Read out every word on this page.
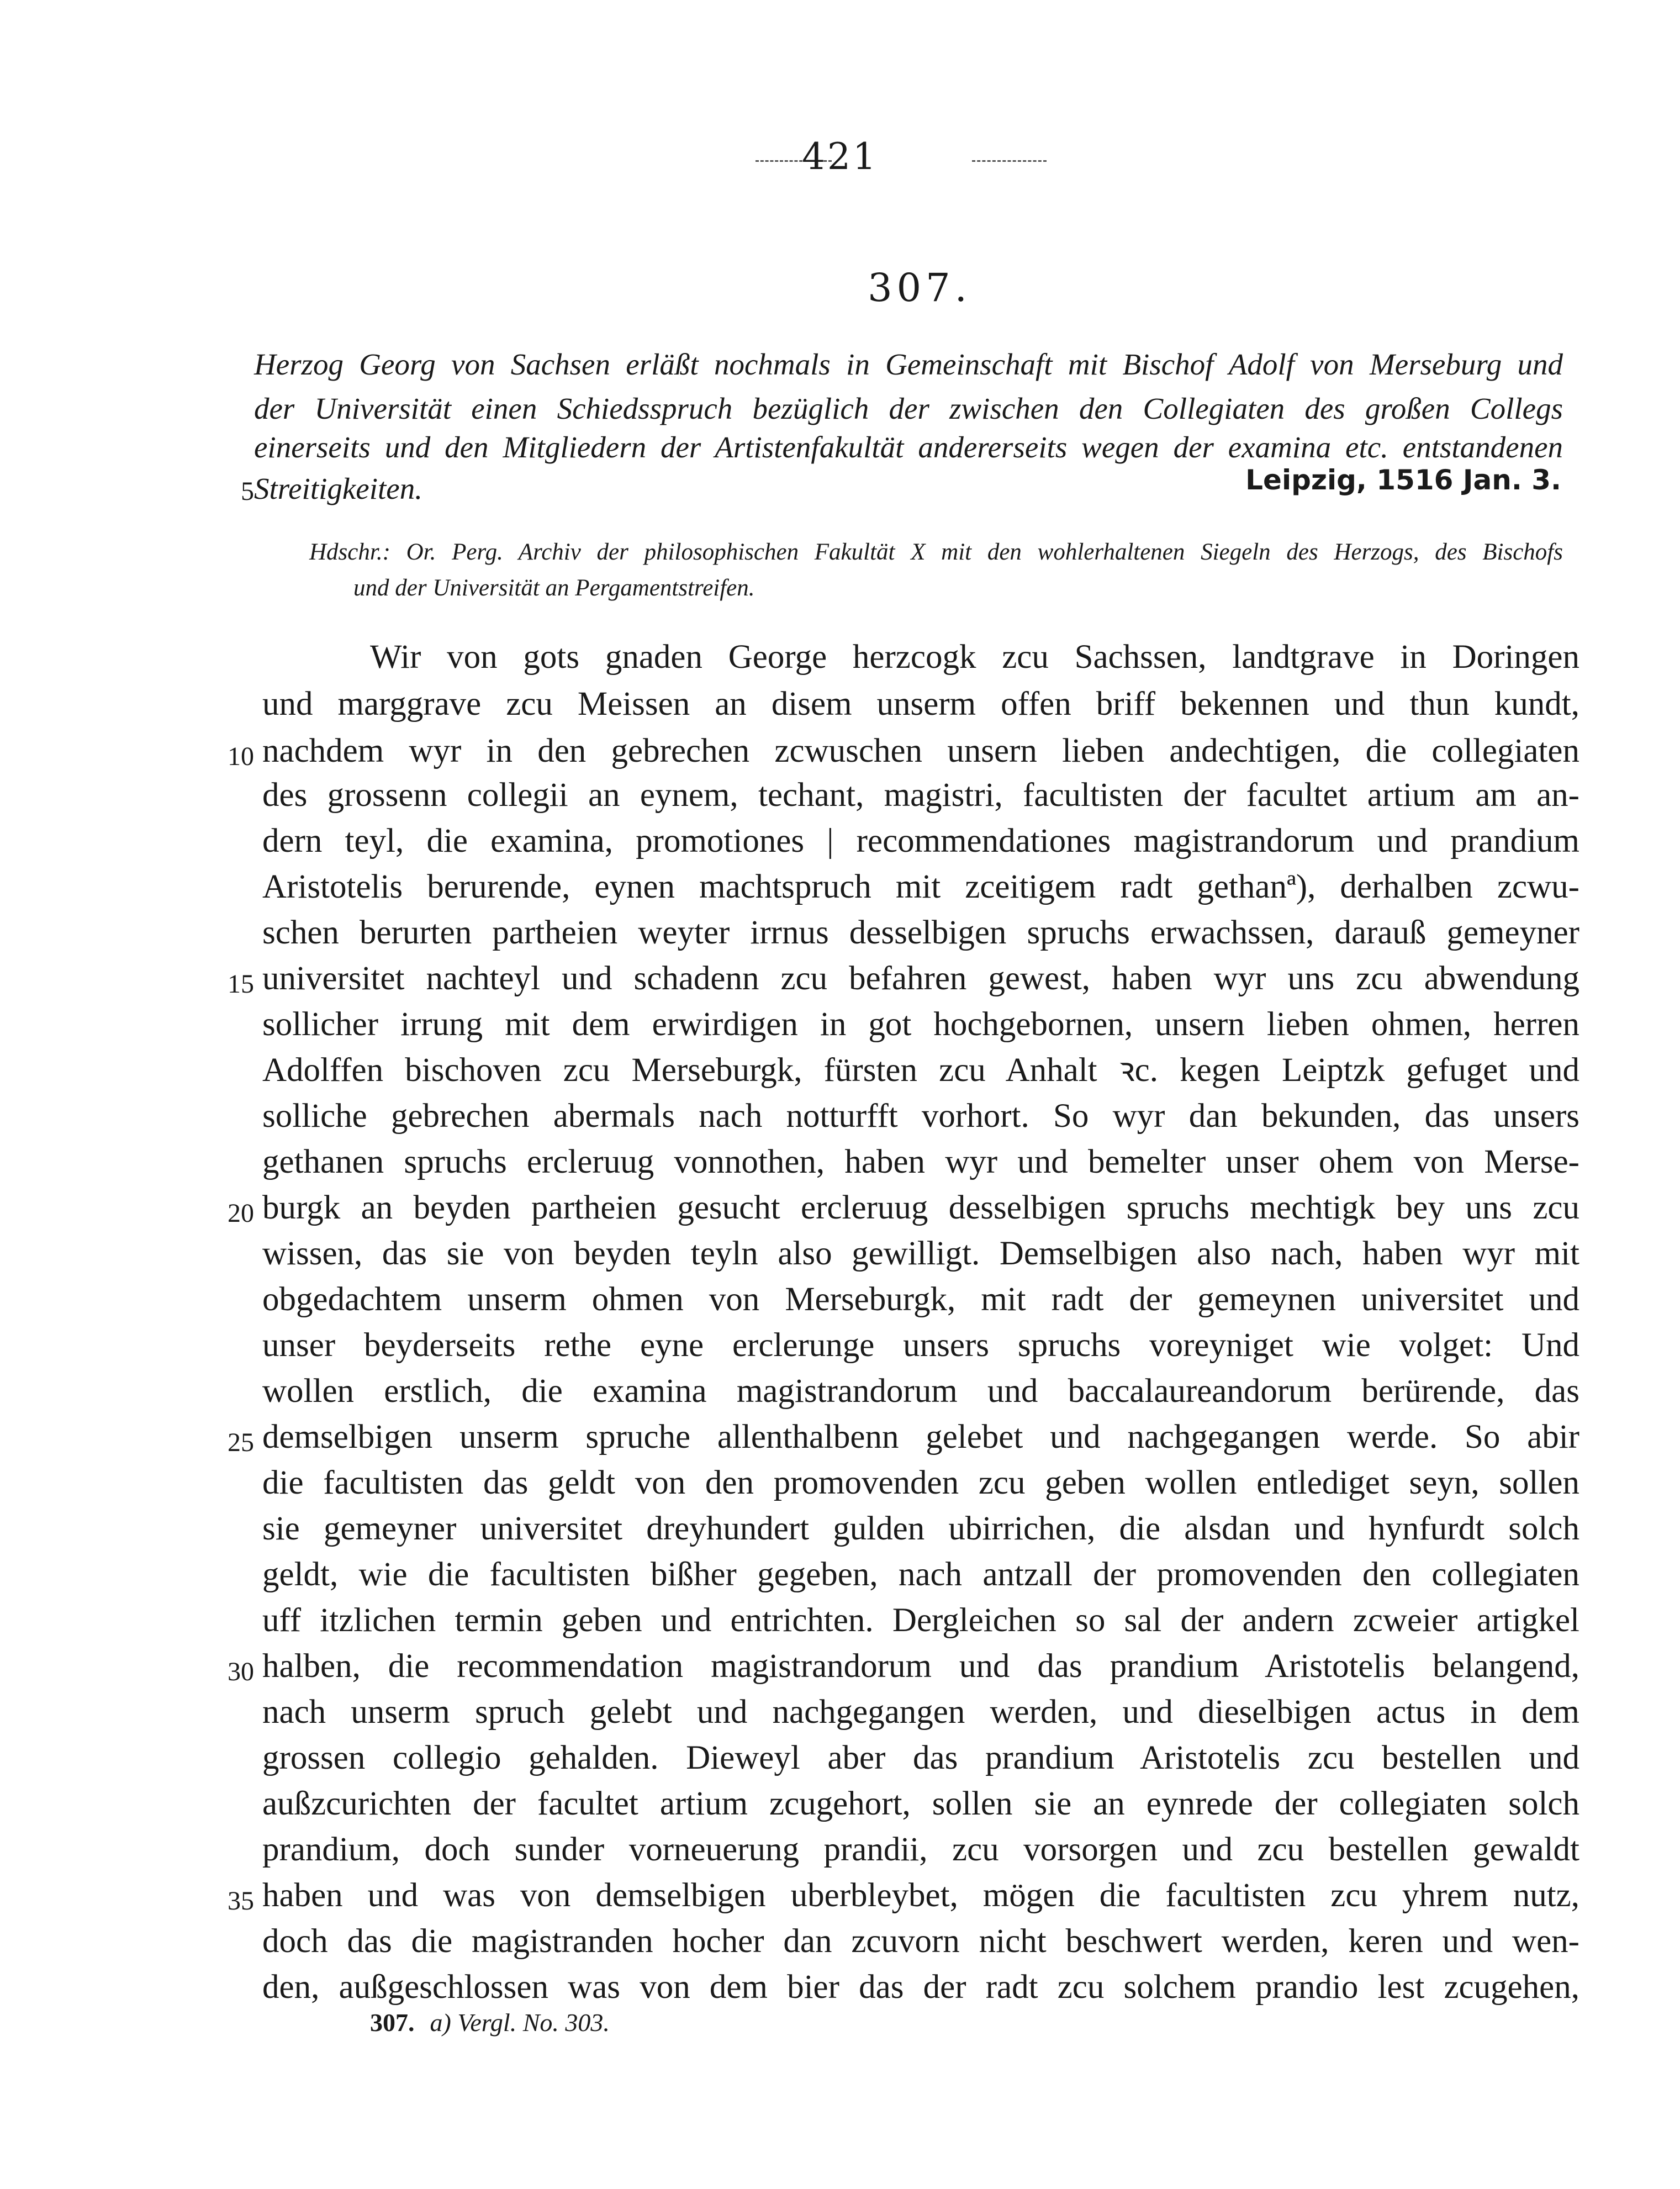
421
307.
Herzog Georg von Sachsen erläßt nochmals in Gemeinschaft mit Bischof Adolf von Merseburg und
der Universität einen Schiedsspruch bezüglich der zwischen den Collegiaten des großen Collegs
einerseits und den Mitgliedern der Artistenfakultät andererseits wegen der examina etc. entstandenen
Streitigkeiten.
5	Leipzig, 1516 Jan. 3.
Hdschr.: Or. Perg. Archiv der philosophischen Fakultät X mit den wohlerhaltenen Siegeln des Herzogs, des Bischofs
und der Universität an Pergamentstreifen.
Wir von gots gnaden George herzcogk zcu Sachssen, landtgrave in Doringen
und marggrave zcu Meissen an disem unserm offen briff bekennen und thun kundt,
nachdem wyr in den gebrechen zcwuschen unsern lieben andechtigen, die collegiaten
des grossenn collegii an eynem, techant, magistri, facultisten der facultet artium am an-
dern teyl, die examina, promotiones | recommendationes magistrandorum und prandium
Aristotelis berurende, eynen machtspruch mit zceitigem radt gethanª), derhalben zcwu-
schen berurten partheien weyter irrnus desselbigen spruchs erwachssen, darauß gemeyner
universitet nachteyl und schadenn zcu befahren gewest, haben wyr uns zcu abwendung
sollicher irrung mit dem erwirdigen in got hochgebornen, unsern lieben ohmen, herren
Adolffen bischoven zcu Merseburgk, fürsten zcu Anhalt ꝛc. kegen Leiptzk gefuget und
solliche gebrechen abermals nach notturfft vorhort. So wyr dan bekunden, das unsers
gethanen spruchs ercleruug vonnothen, haben wyr und bemelter unser ohem von Merse-
burgk an beyden partheien gesucht ercleruug desselbigen spruchs mechtigk bey uns zcu
wissen, das sie von beyden teyln also gewilligt. Demselbigen also nach, haben wyr mit
obgedachtem unserm ohmen von Merseburgk, mit radt der gemeynen universitet und
unser beyderseits rethe eyne erclerunge unsers spruchs voreyniget wie volget: Und
wollen erstlich, die examina magistrandorum und baccalaureandorum berürende, das
demselbigen unserm spruche allenthalbenn gelebet und nachgegangen werde. So abir
die facultisten das geldt von den promovenden zcu geben wollen entlediget seyn, sollen
sie gemeyner universitet dreyhundert gulden ubirrichen, die alsdan und hynfurdt solch
geldt, wie die facultisten bißher gegeben, nach antzall der promovenden den collegiaten
uff itzlichen termin geben und entrichten. Dergleichen so sal der andern zcweier artigkel
halben, die recommendation magistrandorum und das prandium Aristotelis belangend,
nach unserm spruch gelebt und nachgegangen werden, und dieselbigen actus in dem
grossen collegio gehalden. Dieweyl aber das prandium Aristotelis zcu bestellen und
außzcurichten der facultet artium zcugehort, sollen sie an eynrede der collegiaten solch
prandium, doch sunder vorneuerung prandii, zcu vorsorgen und zcu bestellen gewaldt
haben und was von demselbigen uberbleybet, mögen die facultisten zcu yhrem nutz,
doch das die magistranden hocher dan zcuvorn nicht beschwert werden, keren und wen-
den, außgeschlossen was von dem bier das der radt zcu solchem prandio lest zcugehen,
10
15
20
25
30
35
307. a) Vergl. No. 303.
